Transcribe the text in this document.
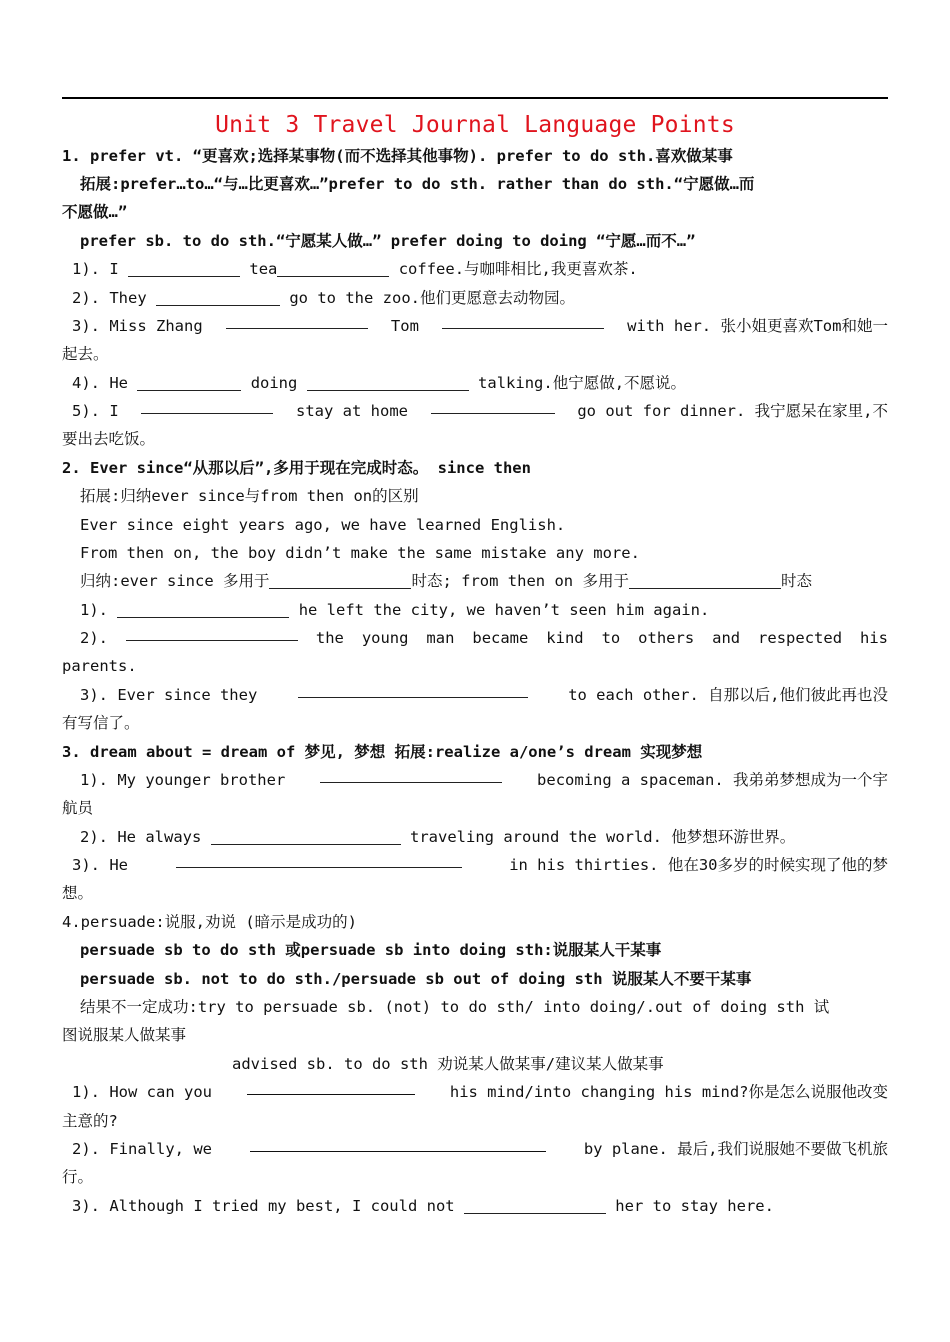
Unit 3 Travel Journal Language Points
1. prefer vt. “更喜欢;选择某事物(而不选择其他事物). prefer to do sth.喜欢做某事
拓展:prefer…to…“与…比更喜欢…”prefer to do sth. rather than do sth.“宁愿做…而
不愿做…”
prefer sb. to do sth.“宁愿某人做…” prefer doing to doing “宁愿…而不…”
1). I	tea	coffee.与咖啡相比,我更喜欢茶.
2). They	go to the zoo.他们更愿意去动物园。
3). Miss Zhang	Tom	with her. 张小姐更喜欢Tom和她一
起去。
4). He	doing	talking.他宁愿做,不愿说。
5). I	stay at home	go out for dinner. 我宁愿呆在家里,不
要出去吃饭。
2. Ever since“从那以后”,多用于现在完成时态。 since then
拓展:归纳ever since与from then on的区别
Ever since eight years ago, we have learned English.
From then on, the boy didn’t make the same mistake any more.
归纳:ever since 多用于	时态; from then on 多用于	时态
1).	he left the city, we haven’t seen him again.
2).	the young man became kind to others and respected his
parents.
3). Ever since they	to each other. 自那以后,他们彼此再也没
有写信了。
3. dream about = dream of 梦见, 梦想 拓展:realize a/one’s dream 实现梦想
1). My younger brother	becoming a spaceman. 我弟弟梦想成为一个宇
航员
2). He always	traveling around the world. 他梦想环游世界。
3). He	in his thirties. 他在30多岁的时候实现了他的梦
想。
4.persuade:说服,劝说 (暗示是成功的)
persuade sb to do sth 或persuade sb into doing sth:说服某人干某事
persuade sb. not to do sth./persuade sb out of doing sth 说服某人不要干某事
结果不一定成功:try to persuade sb. (not) to do sth/ into doing/.out of doing sth 试
图说服某人做某事
advised sb. to do sth 劝说某人做某事/建议某人做某事
1). How can you	his mind/into changing his mind?你是怎么说服他改变
主意的?
2). Finally, we	by plane. 最后,我们说服她不要做飞机旅
行。
3). Although I tried my best, I could not	her to stay here.
